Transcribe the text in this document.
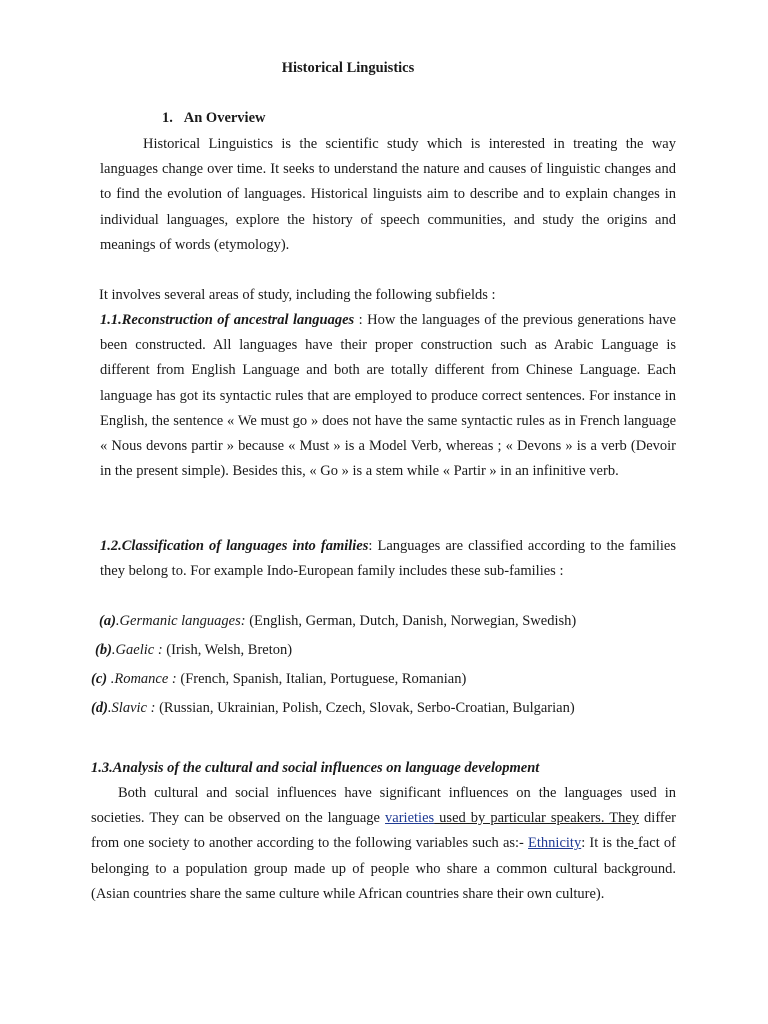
Historical Linguistics
1. An Overview
Historical Linguistics is the scientific study which is interested in treating the way languages change over time. It seeks to understand the nature and causes of linguistic changes and to find the evolution of languages. Historical linguists aim to describe and to explain changes in individual languages, explore the history of speech communities, and study the origins and meanings of words (etymology).
It involves several areas of study, including the following subfields :
1.1.Reconstruction of ancestral languages : How the languages of the previous generations have been constructed. All languages have their proper construction such as Arabic Language is different from English Language and both are totally different from Chinese Language. Each language has got its syntactic rules that are employed to produce correct sentences. For instance in English, the sentence « We must go » does not have the same syntactic rules as in French language « Nous devons partir » because « Must » is a Model Verb, whereas ; « Devons » is a verb (Devoir in the present simple). Besides this, « Go » is a stem while « Partir » in an infinitive verb.
1.2.Classification of languages into families: Languages are classified according to the families they belong to. For example Indo-European family includes these sub-families :
(a).Germanic languages: (English, German, Dutch, Danish, Norwegian, Swedish)
(b).Gaelic : (Irish, Welsh, Breton)
(c) .Romance : (French, Spanish, Italian, Portuguese, Romanian)
(d).Slavic : (Russian, Ukrainian, Polish, Czech, Slovak, Serbo-Croatian, Bulgarian)
1.3.Analysis of the cultural and social influences on language development
Both cultural and social influences have significant influences on the languages used in societies. They can be observed on the language varieties used by particular speakers. They differ from one society to another according to the following variables such as:- Ethnicity: It is the fact of belonging to a population group made up of people who share a common cultural background. (Asian countries share the same culture while African countries share their own culture).
